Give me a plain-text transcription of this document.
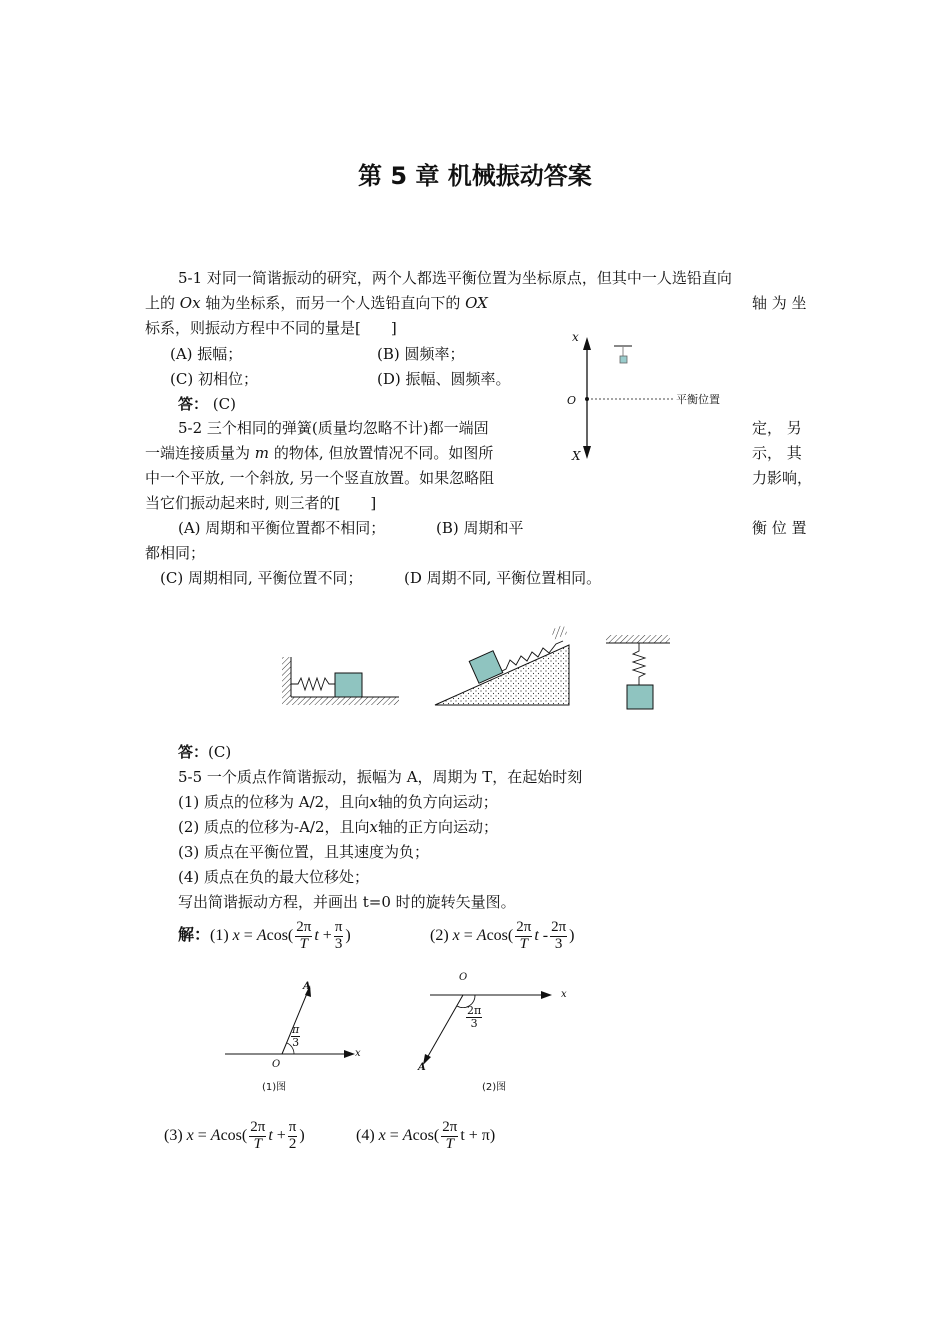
第 5 章 机械振动答案
5-1 对同一简谐振动的研究，两个人都选平衡位置为坐标原点，但其中一人选铅直向
上的 Ox 轴为坐标系，而另一个人选铅直向下的 OX	轴 为 坐
标系，则振动方程中不同的量是[　　]
(A) 振幅；	(B) 圆频率；
(C) 初相位；	(D) 振幅、圆频率。
答： (C)
x
O
X
平衡位置
5-2 三个相同的弹簧(质量均忽略不计)都一端固	定， 另
一端连接质量为 m 的物体, 但放置情况不同。如图所	示， 其
中一个平放, 一个斜放, 另一个竖直放置。如果忽略阻	力影响，
当它们振动起来时, 则三者的[　　]
(A) 周期和平衡位置都不相同；	(B) 周期和平	衡 位 置
都相同；
(C) 周期相同, 平衡位置不同；	(D 周期不同, 平衡位置相同。
答：(C)
5-5 一个质点作简谐振动，振幅为 A，周期为 T，在起始时刻
(1) 质点的位移为 A/2，且向x轴的负方向运动；
(2) 质点的位移为-A/2，且向x轴的正方向运动；
(3) 质点在平衡位置，且其速度为负；
(4) 质点在负的最大位移处；
写出简谐振动方程，并画出 t=0 时的旋转矢量图。
解：(1) $x = Acos( \frac{2\pi}{T}$ $t + \frac{\pi}{3}$ )	(2) $x = Acos( \frac{2\pi}{T}$ t - $\frac{2\pi}{3}$ )
A
O
x
$\frac{\pi}{3}$
(1)图
O
x
A
$\frac{2\pi}{3}$
(2)图
(3) $x = Acos( \frac{2\pi}{T}$ $t + \frac{\pi}{2}$ )	(4) $x = Acos( \frac{2\pi}{T}$ t + π)
